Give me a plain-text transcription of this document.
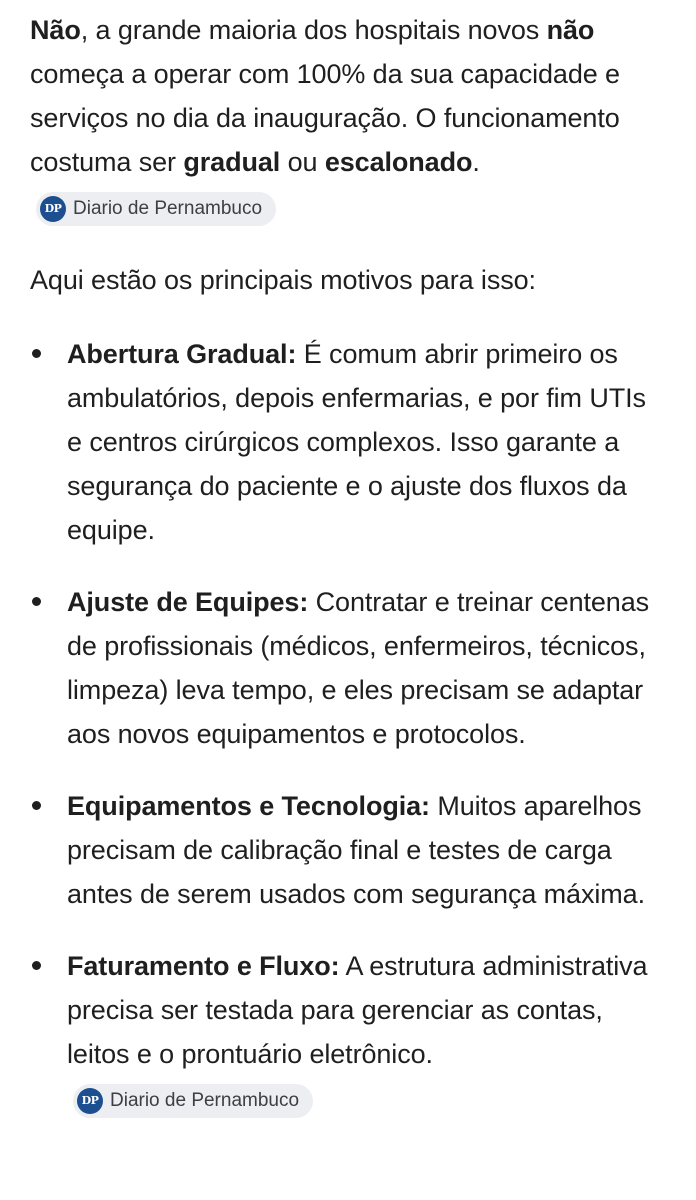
Não, a grande maioria dos hospitais novos não começa a operar com 100% da sua capacidade e serviços no dia da inauguração. O funcionamento costuma ser gradual ou escalonado.
DP Diario de Pernambuco

Aqui estão os principais motivos para isso:

Abertura Gradual: É comum abrir primeiro os ambulatórios, depois enfermarias, e por fim UTIs e centros cirúrgicos complexos. Isso garante a segurança do paciente e o ajuste dos fluxos da equipe.
Ajuste de Equipes: Contratar e treinar centenas de profissionais (médicos, enfermeiros, técnicos, limpeza) leva tempo, e eles precisam se adaptar aos novos equipamentos e protocolos.
Equipamentos e Tecnologia: Muitos aparelhos precisam de calibração final e testes de carga antes de serem usados com segurança máxima.
Faturamento e Fluxo: A estrutura administrativa precisa ser testada para gerenciar as contas, leitos e o prontuário eletrônico.
DP Diario de Pernambuco
